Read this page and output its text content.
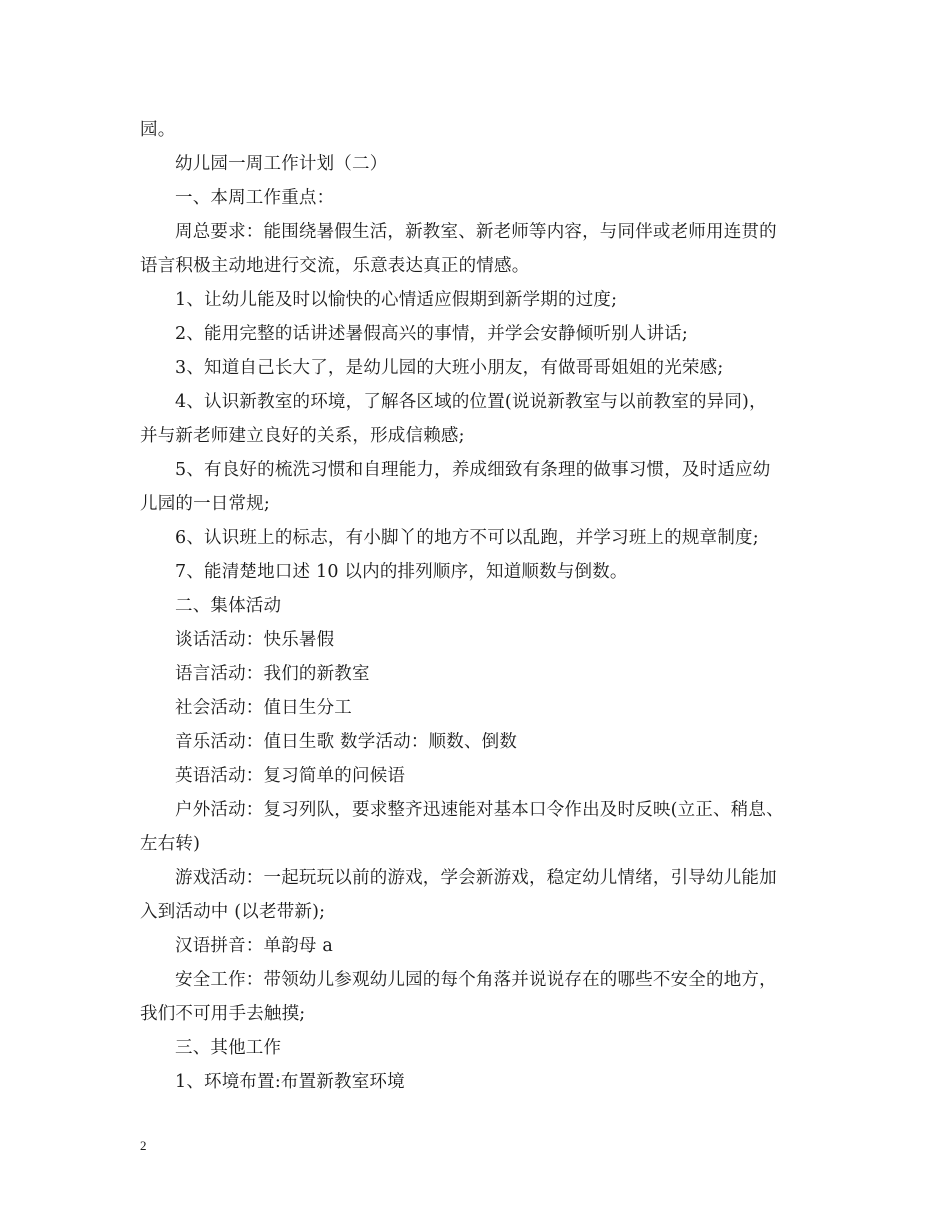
园。
幼儿园一周工作计划（二）
一、本周工作重点：
周总要求：能围绕暑假生活，新教室、新老师等内容，与同伴或老师用连贯的
语言积极主动地进行交流，乐意表达真正的情感。
1、让幼儿能及时以愉快的心情适应假期到新学期的过度;
2、能用完整的话讲述暑假高兴的事情，并学会安静倾听别人讲话;
3、知道自己长大了，是幼儿园的大班小朋友，有做哥哥姐姐的光荣感;
4、认识新教室的环境，了解各区域的位置(说说新教室与以前教室的异同)，
并与新老师建立良好的关系，形成信赖感;
5、有良好的梳洗习惯和自理能力，养成细致有条理的做事习惯，及时适应幼
儿园的一日常规;
6、认识班上的标志，有小脚丫的地方不可以乱跑，并学习班上的规章制度;
7、能清楚地口述 10 以内的排列顺序，知道顺数与倒数。
二、集体活动
谈话活动：快乐暑假
语言活动：我们的新教室
社会活动：值日生分工
音乐活动：值日生歌 数学活动：顺数、倒数
英语活动：复习简单的问候语
户外活动：复习列队，要求整齐迅速能对基本口令作出及时反映(立正、稍息、
左右转)
游戏活动：一起玩玩以前的游戏，学会新游戏，稳定幼儿情绪，引导幼儿能加
入到活动中 (以老带新);
汉语拼音：单韵母 a
安全工作：带领幼儿参观幼儿园的每个角落并说说存在的哪些不安全的地方，
我们不可用手去触摸;
三、其他工作
1、环境布置:布置新教室环境
2
